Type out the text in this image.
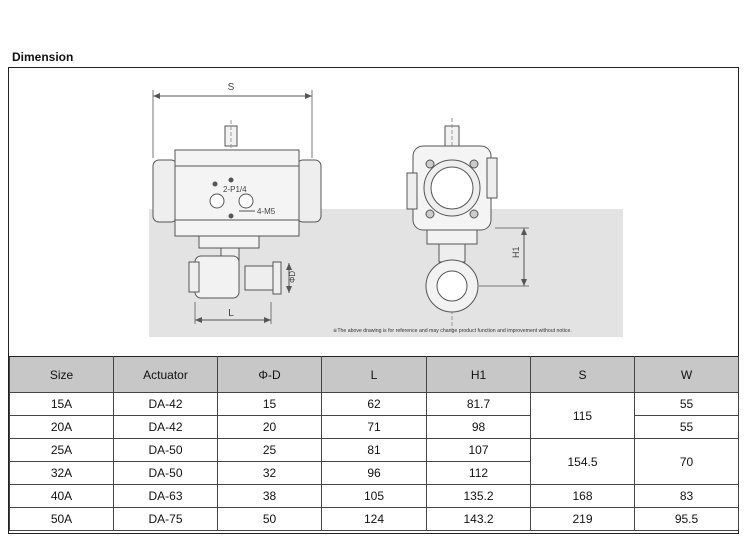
Dimension
S
L
ΦD
2-P1/4
4-M5
H1
※The above drawing is for reference and may change product function and improvement without notice.
Size	Actuator	Φ-D	L	H1	S	W
15A	DA-42	15	62	81.7	115	55
20A	DA-42	20	71	98		55
25A	DA-50	25	81	107	154.5	70
32A	DA-50	32	96	112		
40A	DA-63	38	105	135.2	168	83
50A	DA-75	50	124	143.2	219	95.5
